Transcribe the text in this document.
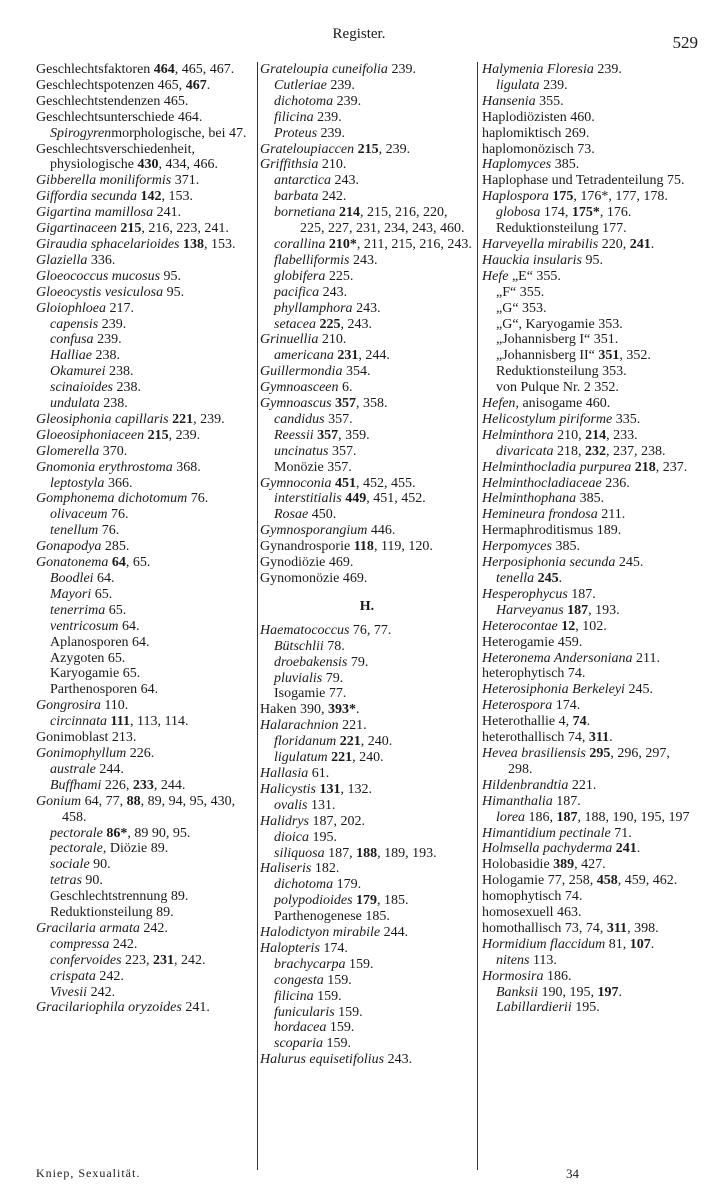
Register.	529
Geschlechtsfaktoren 464, 465, 467.
Geschlechtspotenzen 465, 467.
Geschlechtstendenzen 465.
Geschlechtsunterschiede 464.
Spirogyrenmorphologische, bei 47.
Geschlechtsverschiedenheit,
physiologische 430, 434, 466.
Gibberella moniliformis 371.
Giffordia secunda 142, 153.
Gigartina mamillosa 241.
Gigartinaceen 215, 216, 223, 241.
Giraudia sphacelarioides 138, 153.
Glaziella 336.
Gloeococcus mucosus 95.
Gloeocystis vesiculosa 95.
Gloiophloea 217.
capensis 239.
confusa 239.
Halliae 238.
Okamurei 238.
scinaioides 238.
undulata 238.
Gleosiphonia capillaris 221, 239.
Gloeosiphoniaceen 215, 239.
Glomerella 370.
Gnomonia erythrostoma 368.
leptostyla 366.
Gomphonema dichotomum 76.
olivaceum 76.
tenellum 76.
Gonapodya 285.
Gonatonema 64, 65.
Boodlei 64.
Mayori 65.
tenerrima 65.
ventricosum 64.
Aplanosporen 64.
Azygoten 65.
Karyogamie 65.
Parthenosporen 64.
Gongrosira 110.
circinnata 111, 113, 114.
Gonimoblast 213.
Gonimophyllum 226.
australe 244.
Buffhami 226, 233, 244.
Gonium 64, 77, 88, 89, 94, 95, 430, 458.
pectorale 86*, 89 90, 95.
pectorale, Diözie 89.
sociale 90.
tetras 90.
Geschlechtstrennung 89.
Reduktionsteilung 89.
Gracilaria armata 242.
compressa 242.
confervoides 223, 231, 242.
crispata 242.
Vivesii 242.
Gracilariophila oryzoides 241.
Grateloupia cuneifolia 239.
Cutleriae 239.
dichotoma 239.
filicina 239.
Proteus 239.
Grateloupiaccen 215, 239.
Griffithsia 210.
antarctica 243.
barbata 242.
bornetiana 214, 215, 216, 220, 225, 227, 231, 234, 243, 460.
corallina 210*, 211, 215, 216, 243.
flabelliformis 243.
globifera 225.
pacifica 243.
phyllamphora 243.
setacea 225, 243.
Grinuellia 210.
americana 231, 244.
Guillermondia 354.
Gymnoasceen 6.
Gymnoascus 357, 358.
candidus 357.
Reessii 357, 359.
uncinatus 357.
Monözie 357.
Gymnoconia 451, 452, 455.
interstitialis 449, 451, 452.
Rosae 450.
Gymnosporangium 446.
Gynandrosporie 118, 119, 120.
Gynodiözie 469.
Gynomonözie 469.
H.
Haematococcus 76, 77.
Bütschlii 78.
droebakensis 79.
pluvialis 79.
Isogamie 77.
Haken 390, 393*.
Halarachnion 221.
floridanum 221, 240.
ligulatum 221, 240.
Hallasia 61.
Halicystis 131, 132.
ovalis 131.
Halidrys 187, 202.
dioica 195.
siliquosa 187, 188, 189, 193.
Haliseris 182.
dichotoma 179.
polypodioides 179, 185.
Parthenogenese 185.
Halodictyon mirabile 244.
Halopteris 174.
brachycarpa 159.
congesta 159.
filicina 159.
funicularis 159.
hordacea 159.
scoparia 159.
Halurus equisetifolius 243.
Halymenia Floresia 239.
ligulata 239.
Hansenia 355.
Haplodiözisten 460.
haplomiktisch 269.
haplomonözisch 73.
Haplomyces 385.
Haplophase und Tetradenteilung 75.
Haplospora 175, 176*, 177, 178.
globosa 174, 175*, 176.
Reduktionsteilung 177.
Harveyella mirabilis 220, 241.
Hauckia insularis 95.
Hefe „E“ 355.
„F“ 355.
„G“ 353.
„G“, Karyogamie 353.
„Johannisberg I“ 351.
„Johannisberg II“ 351, 352.
Reduktionsteilung 353.
von Pulque Nr. 2 352.
Hefen, anisogame 460.
Helicostylum piriforme 335.
Helminthora 210, 214, 233.
divaricata 218, 232, 237, 238.
Helminthocladia purpurea 218, 237.
Helminthocladiaceae 236.
Helminthophana 385.
Hemineura frondosa 211.
Hermaphroditismus 189.
Herpomyces 385.
Herposiphonia secunda 245.
tenella 245.
Hesperophycus 187.
Harveyanus 187, 193.
Heterocontae 12, 102.
Heterogamie 459.
Heteronema Andersoniana 211.
heterophytisch 74.
Heterosiphonia Berkeleyi 245.
Heterospora 174.
Heterothallie 4, 74.
heterothallisch 74, 311.
Hevea brasiliensis 295, 296, 297, 298.
Hildenbrandtia 221.
Himanthalia 187.
lorea 186, 187, 188, 190, 195, 197
Himantidium pectinale 71.
Holmsella pachyderma 241.
Holobasidie 389, 427.
Hologamie 77, 258, 458, 459, 462.
homophytisch 74.
homosexuell 463.
homothallisch 73, 74, 311, 398.
Hormidium flaccidum 81, 107.
nitens 113.
Hormosira 186.
Banksii 190, 195, 197.
Labillardierii 195.
Kniep, Sexualität.	34
